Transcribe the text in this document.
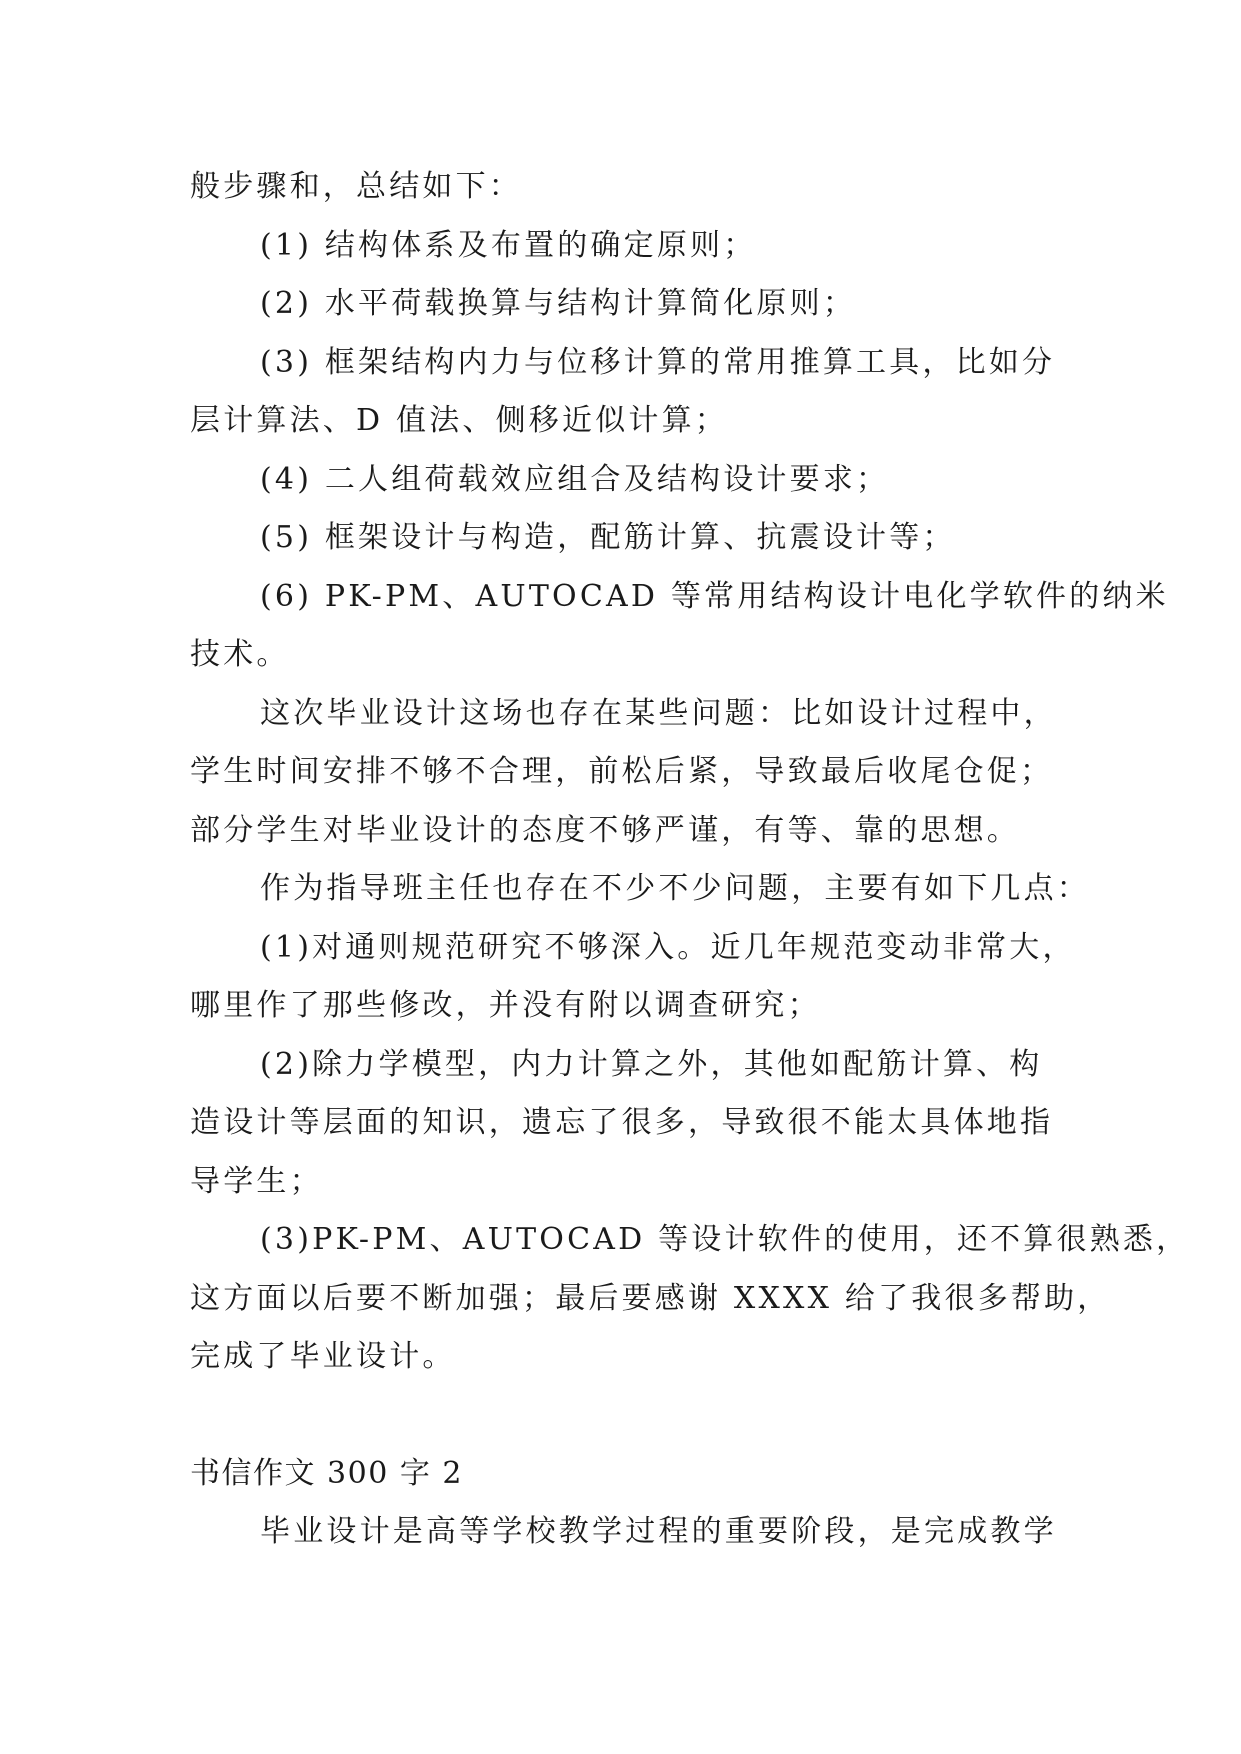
般步骤和，总结如下：

(1) 结构体系及布置的确定原则；

(2) 水平荷载换算与结构计算简化原则；

(3) 框架结构内力与位移计算的常用推算工具，比如分

层计算法、D 值法、侧移近似计算；

(4) 二人组荷载效应组合及结构设计要求；

(5) 框架设计与构造，配筋计算、抗震设计等；

(6) PK-PM、AUTOCAD 等常用结构设计电化学软件的纳米

技术。

这次毕业设计这场也存在某些问题：比如设计过程中，

学生时间安排不够不合理，前松后紧，导致最后收尾仓促；

部分学生对毕业设计的态度不够严谨，有等、靠的思想。

作为指导班主任也存在不少不少问题，主要有如下几点：

(1)对通则规范研究不够深入。近几年规范变动非常大，

哪里作了那些修改，并没有附以调查研究；

(2)除力学模型，内力计算之外，其他如配筋计算、构

造设计等层面的知识，遗忘了很多，导致很不能太具体地指

导学生；

(3)PK-PM、AUTOCAD 等设计软件的使用，还不算很熟悉，

这方面以后要不断加强；最后要感谢 XXXX 给了我很多帮助，

完成了毕业设计。

书信作文 300 字 2

毕业设计是高等学校教学过程的重要阶段，是完成教学
